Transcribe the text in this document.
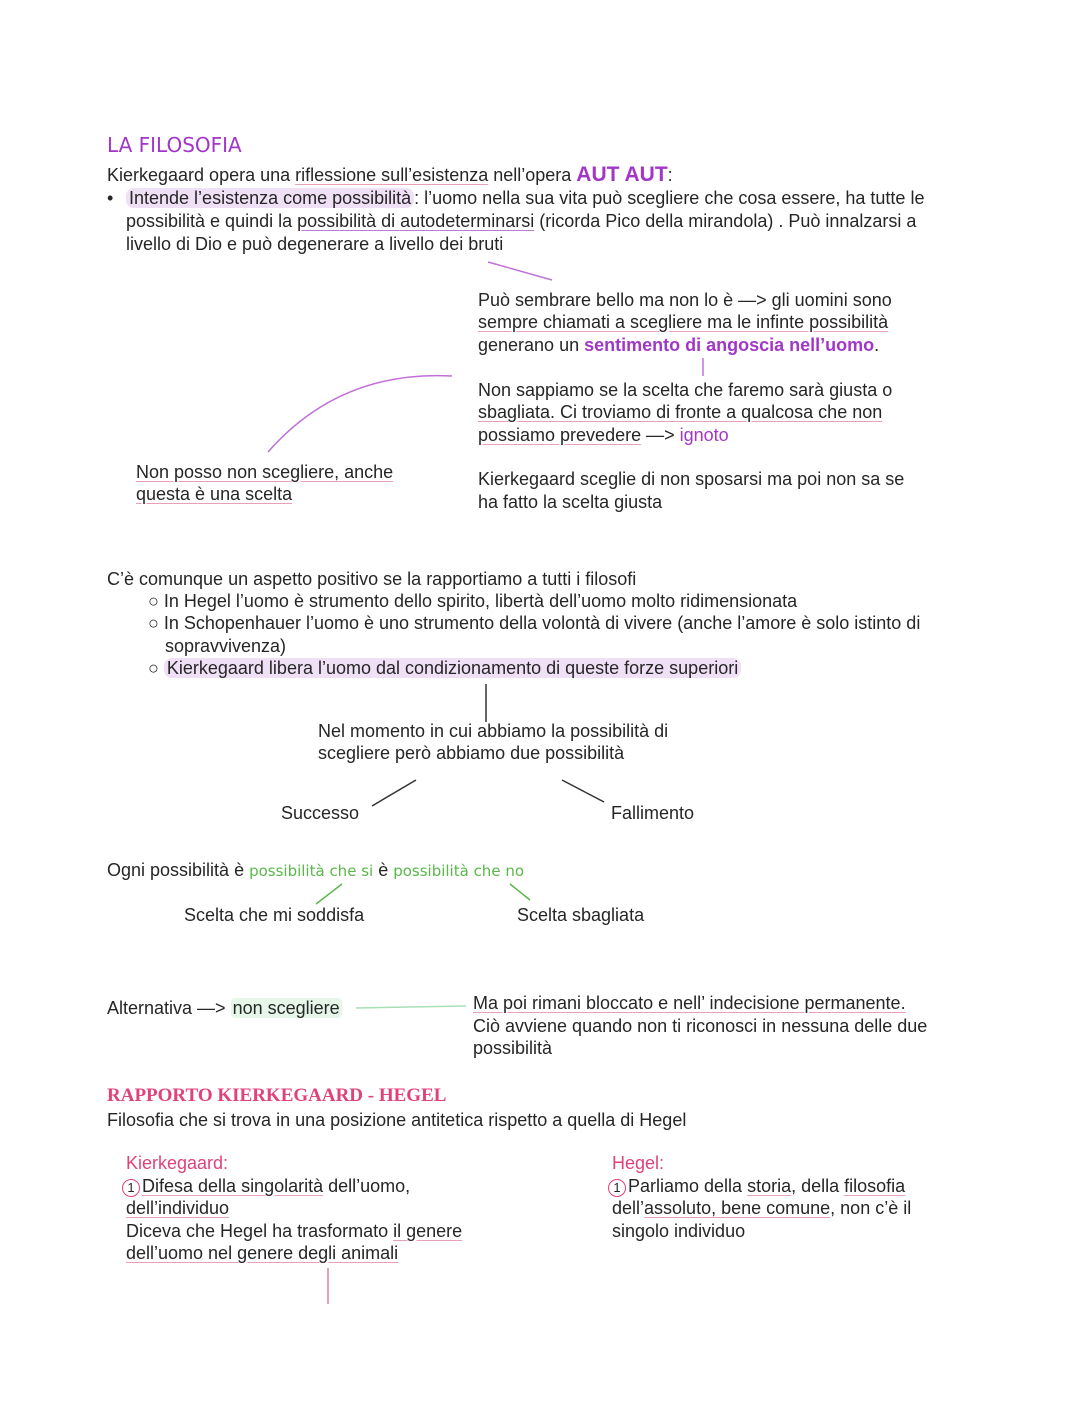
LA FILOSOFIA
Kierkegaard opera una riflessione sull’esistenza nell’opera AUT AUT:
• Intende l’esistenza come possibilità : l’uomo nella sua vita può scegliere che cosa essere, ha tutte le
possibilità e quindi la possibilità di autodeterminarsi (ricorda Pico della mirandola) . Può innalzarsi a
livello di Dio e può degenerare a livello dei bruti
Può sembrare bello ma non lo è —> gli uomini sono
sempre chiamati a scegliere ma le infinte possibilità
generano un sentimento di angoscia nell’uomo.
Non sappiamo se la scelta che faremo sarà giusta o
sbagliata. Ci troviamo di fronte a qualcosa che non
possiamo prevedere —> ignoto
Non posso non scegliere, anche
questa è una scelta
Kierkegaard sceglie di non sposarsi ma poi non sa se
ha fatto la scelta giusta
C’è comunque un aspetto positivo se la rapportiamo a tutti i filosofi
○ In Hegel l’uomo è strumento dello spirito, libertà dell’uomo molto ridimensionata
○ In Schopenhauer l’uomo è uno strumento della volontà di vivere (anche l’amore è solo istinto di
sopravvivenza)
○ Kierkegaard libera l’uomo dal condizionamento di queste forze superiori
Nel momento in cui abbiamo la possibilità di
scegliere però abbiamo due possibilità
Successo	Fallimento
Ogni possibilità è possibilità che si è possibilità che no
Scelta che mi soddisfa	Scelta sbagliata
Alternativa —> non scegliere	Ma poi rimani bloccato e nell’ indecisione permanente.
Ciò avviene quando non ti riconosci in nessuna delle due
possibilità
RAPPORTO KIERKEGAARD - HEGEL
Filosofia che si trova in una posizione antitetica rispetto a quella di Hegel
Kierkegaard:
1 Difesa della singolarità dell’uomo,
dell’individuo
Diceva che Hegel ha trasformato il genere
dell’uomo nel genere degli animali
Hegel:
1 Parliamo della storia, della filosofia
dell’assoluto, bene comune, non c’è il
singolo individuo
